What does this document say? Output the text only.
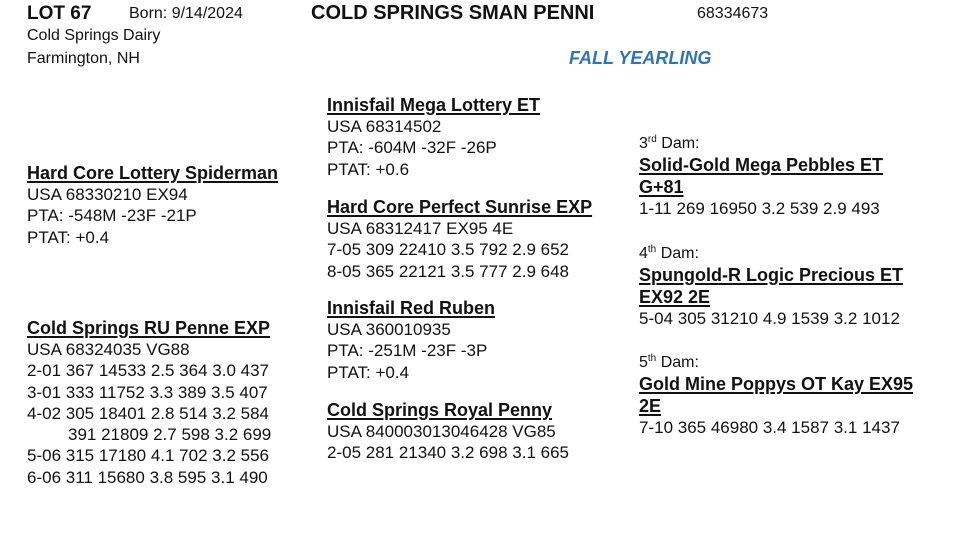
LOT 67 Born: 9/14/2024	COLD SPRINGS SMAN PENNI	68334673
Cold Springs Dairy
Farmington, NH	FALL YEARLING
Hard Core Lottery Spiderman
USA 68330210 EX94
PTA: -548M -23F -21P
PTAT: +0.4
Cold Springs RU Penne EXP
USA 68324035 VG88
2-01 367 14533 2.5 364 3.0 437
3-01 333 11752 3.3 389 3.5 407
4-02 305 18401 2.8 514 3.2 584
391 21809 2.7 598 3.2 699
5-06 315 17180 4.1 702 3.2 556
6-06 311 15680 3.8 595 3.1 490
Innisfail Mega Lottery ET
USA 68314502
PTA: -604M -32F -26P
PTAT: +0.6
Hard Core Perfect Sunrise EXP
USA 68312417 EX95 4E
7-05 309 22410 3.5 792 2.9 652
8-05 365 22121 3.5 777 2.9 648
Innisfail Red Ruben
USA 360010935
PTA: -251M -23F -3P
PTAT: +0.4
Cold Springs Royal Penny
USA 840003013046428 VG85
2-05 281 21340 3.2 698 3.1 665
3rd Dam:
Solid-Gold Mega Pebbles ET
G+81
1-11 269 16950 3.2 539 2.9 493
4th Dam:
Spungold-R Logic Precious ET
EX92 2E
5-04 305 31210 4.9 1539 3.2 1012
5th Dam:
Gold Mine Poppys OT Kay EX95
2E
7-10 365 46980 3.4 1587 3.1 1437
